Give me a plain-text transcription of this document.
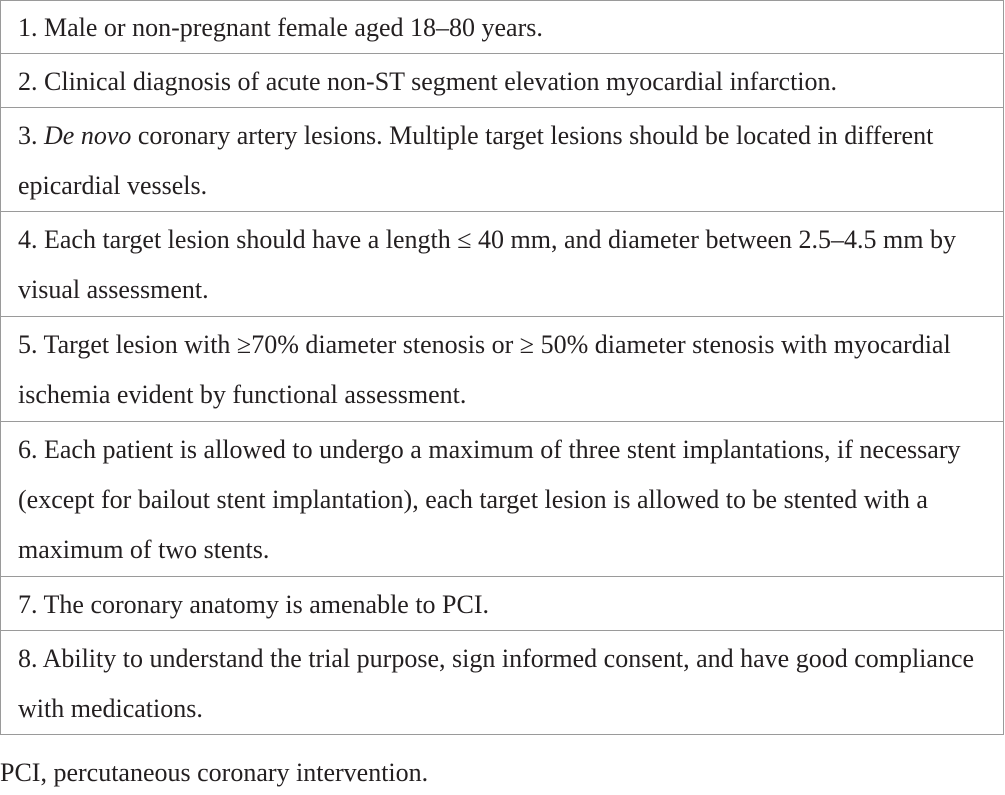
1. Male or non-pregnant female aged 18–80 years.

2. Clinical diagnosis of acute non-ST segment elevation myocardial infarction.

3. De novo coronary artery lesions. Multiple target lesions should be located in different epicardial vessels.

4. Each target lesion should have a length ≤ 40 mm, and diameter between 2.5–4.5 mm by visual assessment.

5. Target lesion with ≥70% diameter stenosis or ≥ 50% diameter stenosis with myocardial ischemia evident by functional assessment.

6. Each patient is allowed to undergo a maximum of three stent implantations, if necessary (except for bailout stent implantation), each target lesion is allowed to be stented with a maximum of two stents.

7. The coronary anatomy is amenable to PCI.

8. Ability to understand the trial purpose, sign informed consent, and have good compliance with medications.
PCI, percutaneous coronary intervention.
